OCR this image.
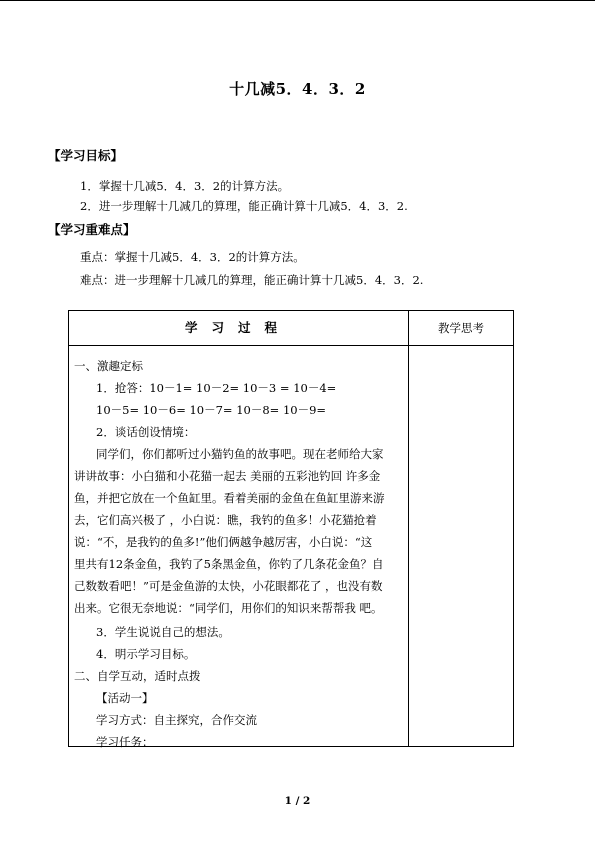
十几减5．4．3．2
【学习目标】
1．掌握十几减5．4．3．2的计算方法。
2．进一步理解十几减几的算理，能正确计算十几减5．4．3．2.
【学习重难点】
重点：掌握十几减5．4．3．2的计算方法。
难点：进一步理解十几减几的算理，能正确计算十几减5．4．3．2.
学习过程	教学思考
一、激趣定标
1．抢答：10－1= 10－2= 10－3 = 10－4=
10－5= 10－6= 10－7= 10－8= 10－9=
2．谈话创设情境：
同学们，你们都听过小猫钓鱼的故事吧。现在老师给大家
讲讲故事：小白猫和小花猫一起去 美丽的五彩池钓回 许多金
鱼，并把它放在一个鱼缸里。看着美丽的金鱼在鱼缸里游来游
去，它们高兴极了 ，小白说：瞧，我钓的鱼多！小花猫抢着
说：“不，是我钓的鱼多!”他们俩越争越厉害，小白说：“这
里共有12条金鱼，我钓了5条黑金鱼，你钓了几条花金鱼？自
己数数看吧！”可是金鱼游的太快，小花眼都花了 ，也没有数
出来。它很无奈地说：“同学们，用你们的知识来帮帮我 吧。
3．学生说说自己的想法。
4．明示学习目标。
二、自学互动，适时点拨
【活动一】
学习方式：自主探究，合作交流
学习任务：
1 / 2
